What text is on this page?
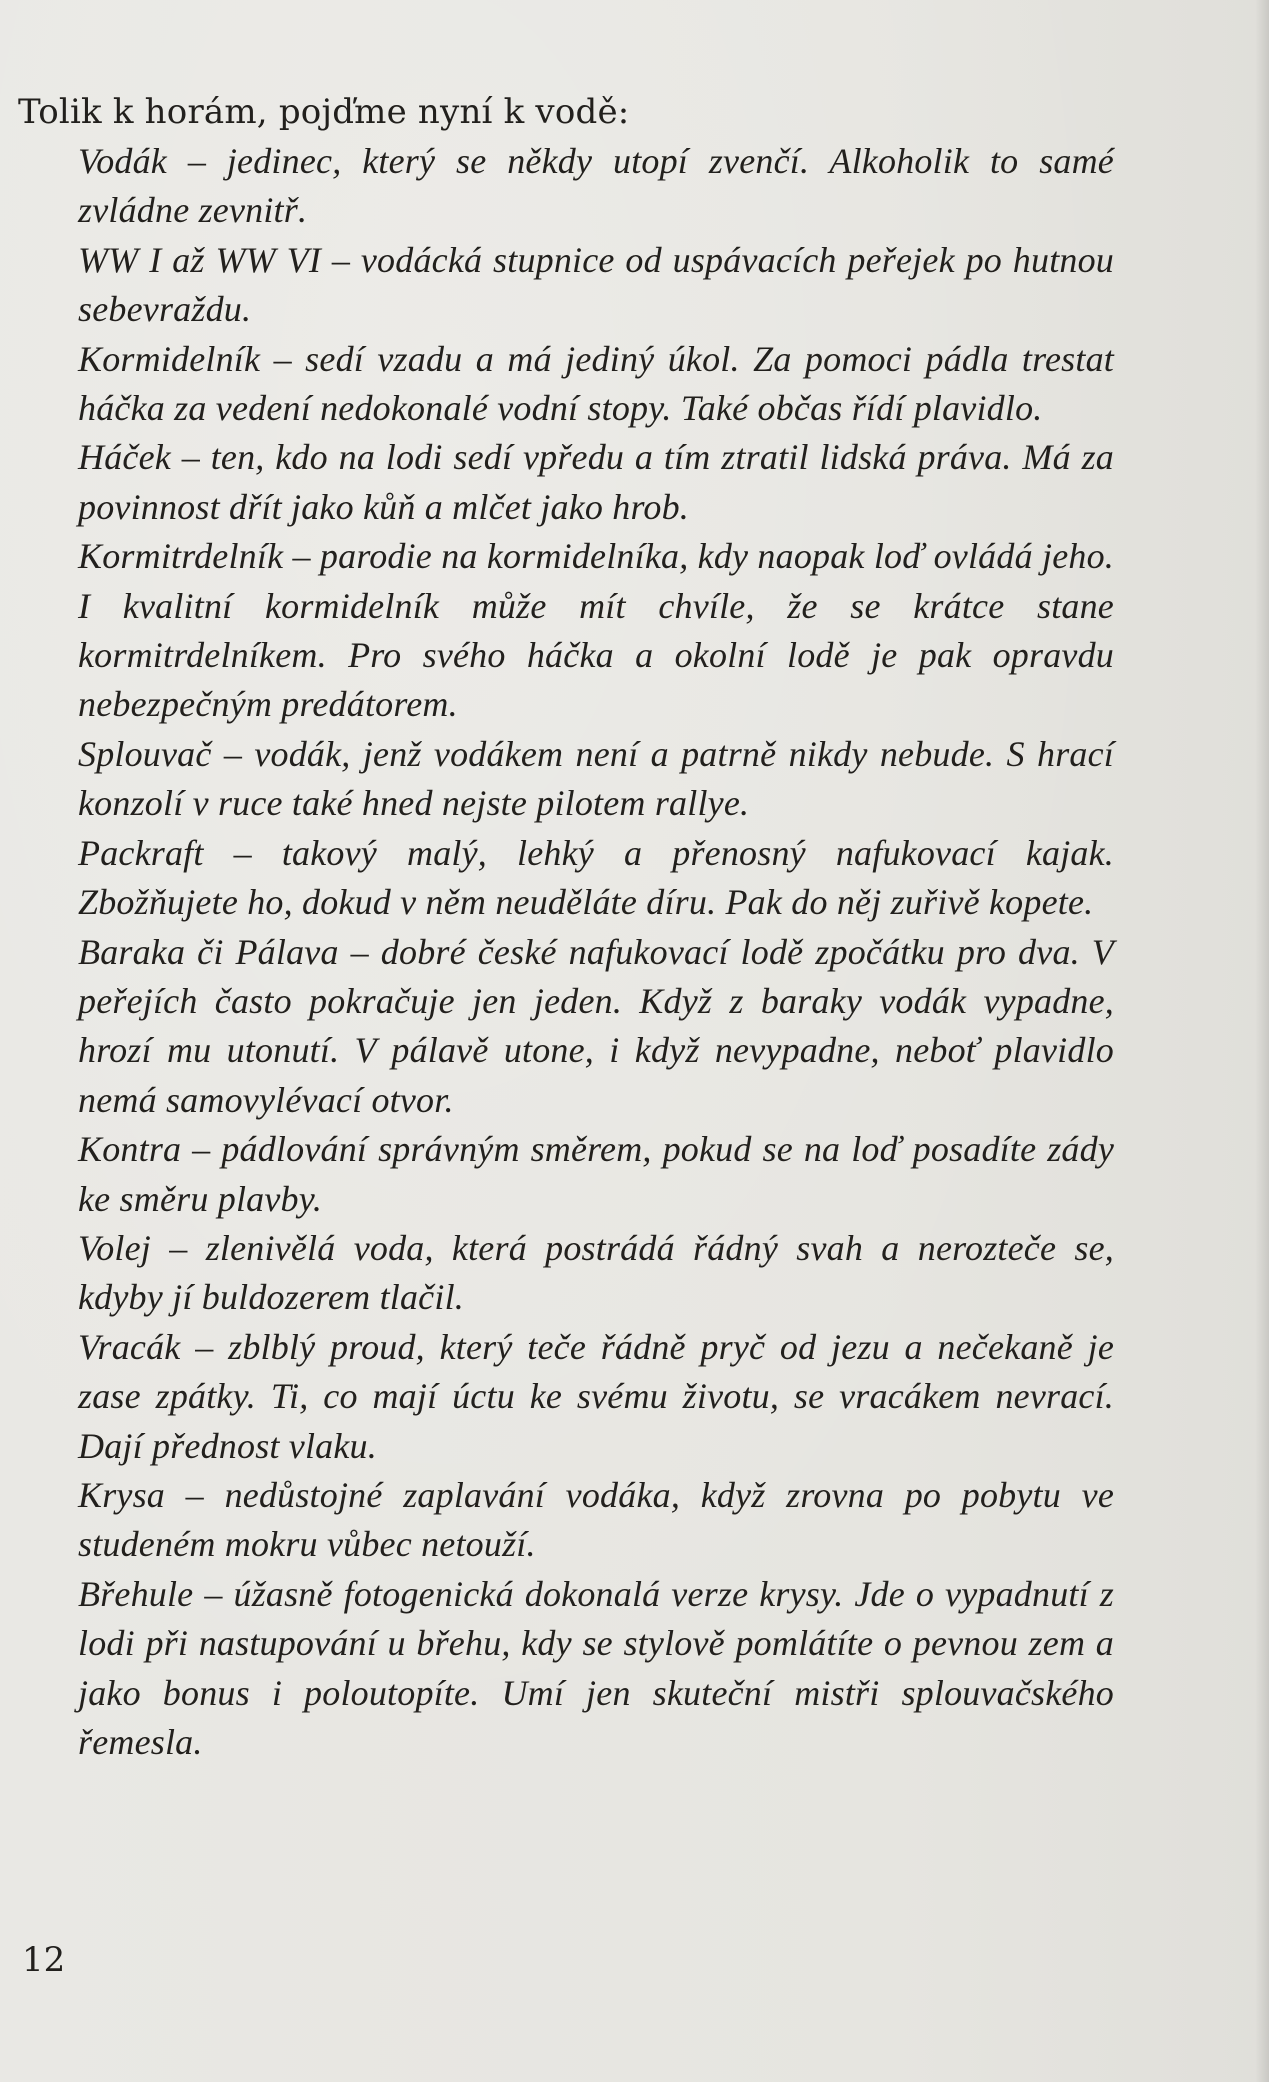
Tolik k horám, pojďme nyní k vodě:

Vodák – jedinec, který se někdy utopí zvenčí. Alkoholik to samé zvládne zevnitř.

WW I až WW VI – vodácká stupnice od uspávacích peřejek po hutnou sebevraždu.

Kormidelník – sedí vzadu a má jediný úkol. Za pomoci pádla trestat háčka za vedení nedokonalé vodní stopy. Také občas řídí plavidlo.

Háček – ten, kdo na lodi sedí vpředu a tím ztratil lidská práva. Má za povinnost dřít jako kůň a mlčet jako hrob.

Kormitrdelník – parodie na kormidelníka, kdy naopak loď ovládá jeho. I kvalitní kormidelník může mít chvíle, že se krátce stane kormitrdelníkem. Pro svého háčka a okolní lodě je pak opravdu nebezpečným predátorem.

Splouvač – vodák, jenž vodákem není a patrně nikdy nebude. S hrací konzolí v ruce také hned nejste pilotem rallye.

Packraft – takový malý, lehký a přenosný nafukovací kajak. Zbožňujete ho, dokud v něm neuděláte díru. Pak do něj zuřivě kopete.

Baraka či Pálava – dobré české nafukovací lodě zpočátku pro dva. V peřejích často pokračuje jen jeden. Když z baraky vodák vypadne, hrozí mu utonutí. V pálavě utone, i když nevypadne, neboť plavidlo nemá samovylévací otvor.

Kontra – pádlování správným směrem, pokud se na loď posadíte zády ke směru plavby.

Volej – zlenivělá voda, která postrádá řádný svah a nerozteče se, kdyby jí buldozerem tlačil.

Vracák – zblblý proud, který teče řádně pryč od jezu a nečekaně je zase zpátky. Ti, co mají úctu ke svému životu, se vracákem nevrací. Dají přednost vlaku.

Krysa – nedůstojné zaplavání vodáka, když zrovna po pobytu ve studeném mokru vůbec netouží.

Břehule – úžasně fotogenická dokonalá verze krysy. Jde o vypadnutí z lodi při nastupování u břehu, kdy se stylově pomlátíte o pevnou zem a jako bonus i poloutopíte. Umí jen skuteční mistři splouvačského řemesla.

12
